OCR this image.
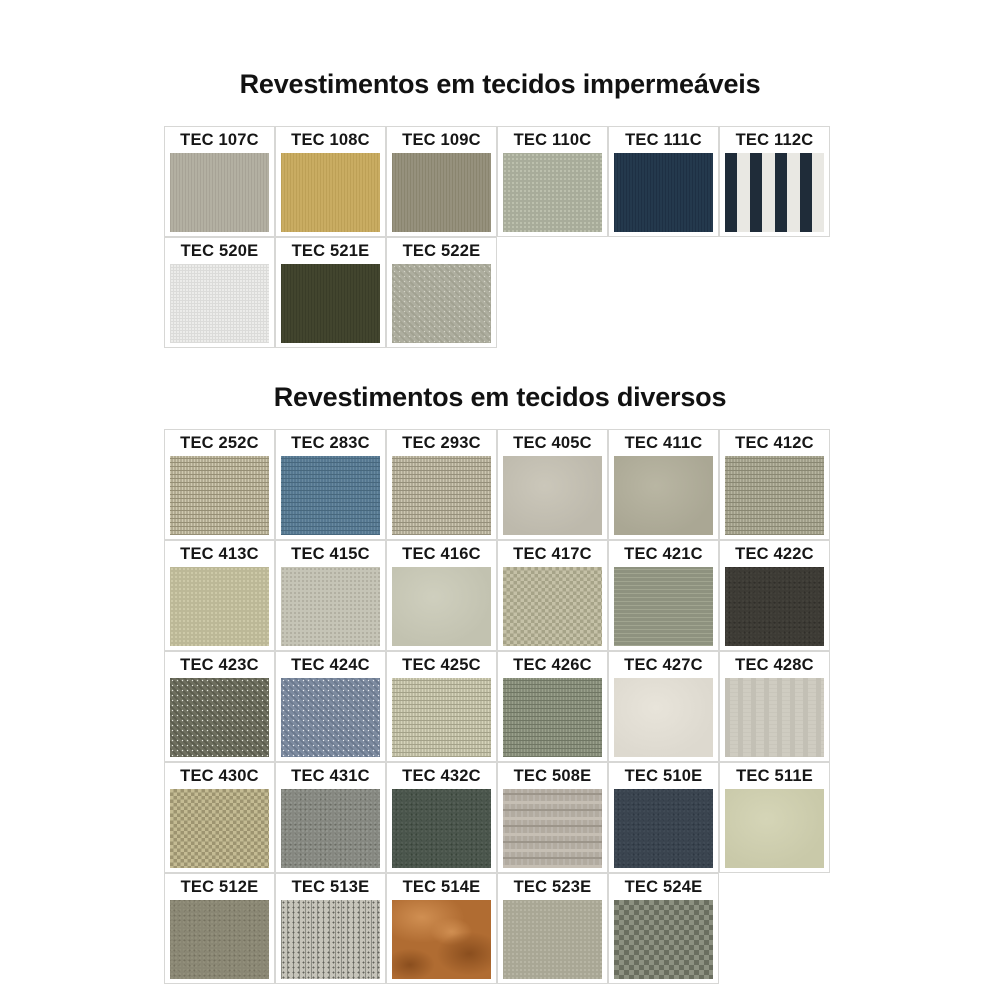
Revestimentos em tecidos impermeáveis
TEC 107C	TEC 108C	TEC 109C	TEC 110C	TEC 111C	TEC 112C
TEC 520E	TEC 521E	TEC 522E
Revestimentos em tecidos diversos
TEC 252C	TEC 283C	TEC 293C	TEC 405C	TEC 411C	TEC 412C
TEC 413C	TEC 415C	TEC 416C	TEC 417C	TEC 421C	TEC 422C
TEC 423C	TEC 424C	TEC 425C	TEC 426C	TEC 427C	TEC 428C
TEC 430C	TEC 431C	TEC 432C	TEC 508E	TEC 510E	TEC 511E
TEC 512E	TEC 513E	TEC 514E	TEC 523E	TEC 524E
